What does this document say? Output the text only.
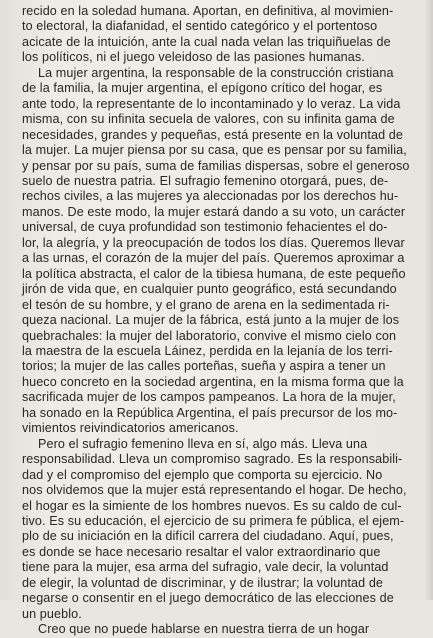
recido en la soledad humana. Aportan, en definitiva, al movimien-
to electoral, la diafanidad, el sentido categórico y el portentoso
acicate de la intuición, ante la cual nada velan las triquiñuelas de
los políticos, ni el juego veleidoso de las pasiones humanas.
La mujer argentina, la responsable de la construcción cristiana
de la familia, la mujer argentina, el epígono crítico del hogar, es
ante todo, la representante de lo incontaminado y lo veraz. La vida
misma, con su infinita secuela de valores, con su infinita gama de
necesidades, grandes y pequeñas, está presente en la voluntad de
la mujer. La mujer piensa por su casa, que es pensar por su familia,
y pensar por su país, suma de familias dispersas, sobre el generoso
suelo de nuestra patria. El sufragio femenino otorgará, pues, de-
rechos civiles, a las mujeres ya aleccionadas por los derechos hu-
manos. De este modo, la mujer estará dando a su voto, un carácter
universal, de cuya profundidad son testimonio fehacientes el do-
lor, la alegría, y la preocupación de todos los días. Queremos llevar
a las urnas, el corazón de la mujer del país. Queremos aproximar a
la política abstracta, el calor de la tibiesa humana, de este pequeño
jirón de vida que, en cualquier punto geográfico, está secundando
el tesón de su hombre, y el grano de arena en la sedimentada ri-
queza nacional. La mujer de la fábrica, está junto a la mujer de los
quebrachales: la mujer del laboratorio, convive el mismo cielo con
la maestra de la escuela Láinez, perdida en la lejanía de los terri-
torios; la mujer de las calles porteñas, sueña y aspira a tener un
hueco concreto en la sociedad argentina, en la misma forma que la
sacrificada mujer de los campos pampeanos. La hora de la mujer,
ha sonado en la República Argentina, el país precursor de los mo-
vimientos reivindicatorios americanos.
Pero el sufragio femenino lleva en sí, algo más. Lleva una
responsabilidad. Lleva un compromiso sagrado. Es la responsabili-
dad y el compromiso del ejemplo que comporta su ejercicio. No
nos olvidemos que la mujer está representando el hogar. De hecho,
el hogar es la simiente de los hombres nuevos. Es su caldo de cul-
tivo. Es su educación, el ejercicio de su primera fe pública, el ejem-
plo de su iniciación en la difícil carrera del ciudadano. Aquí, pues,
es donde se hace necesario resaltar el valor extraordinario que
tiene para la mujer, esa arma del sufragio, vale decir, la voluntad
de elegir, la voluntad de discriminar, y de ilustrar; la voluntad de
negarse o consentir en el juego democrático de las elecciones de
un pueblo.
Creo que no puede hablarse en nuestra tierra de un hogar
